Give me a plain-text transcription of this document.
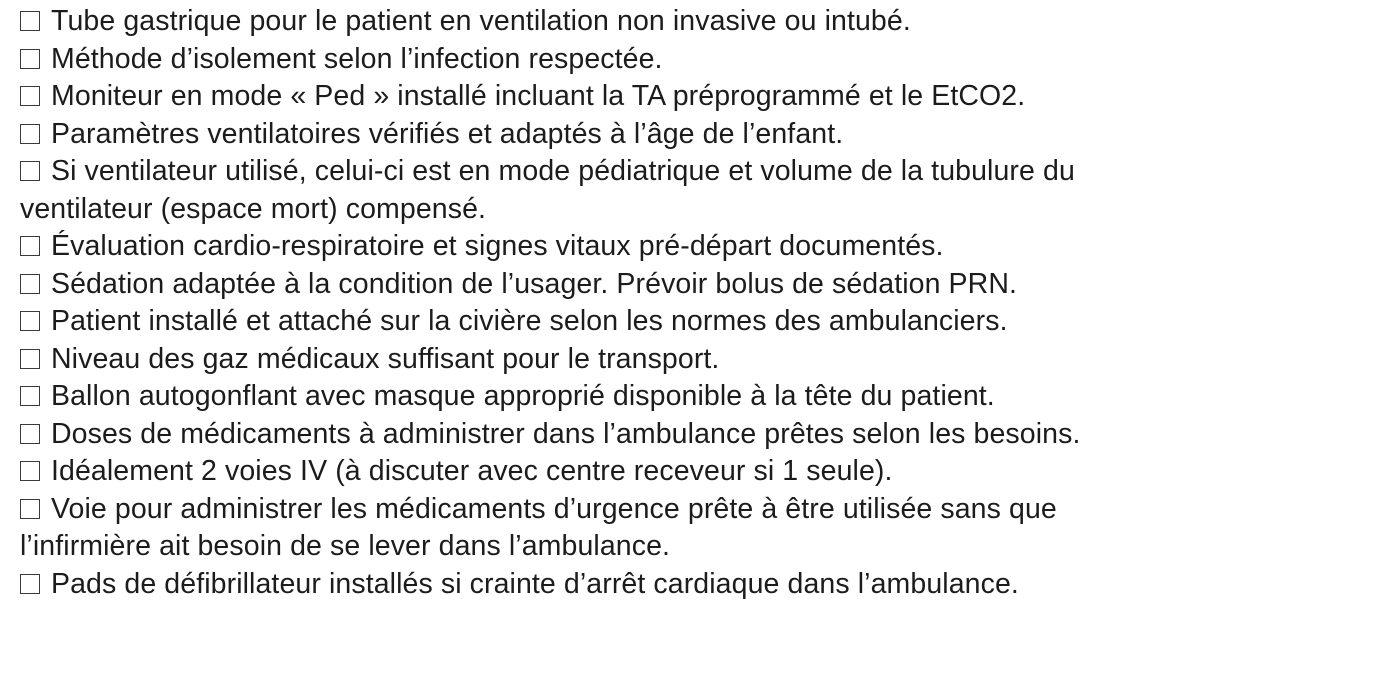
Tube gastrique pour le patient en ventilation non invasive ou intubé.
Méthode d’isolement selon l’infection respectée.
Moniteur en mode « Ped » installé incluant la TA préprogrammé et le EtCO2.
Paramètres ventilatoires vérifiés et adaptés à l’âge de l’enfant.
Si ventilateur utilisé, celui-ci est en mode pédiatrique et volume de la tubulure du
ventilateur (espace mort) compensé.
Évaluation cardio-respiratoire et signes vitaux pré-départ documentés.
Sédation adaptée à la condition de l’usager. Prévoir bolus de sédation PRN.
Patient installé et attaché sur la civière selon les normes des ambulanciers.
Niveau des gaz médicaux suffisant pour le transport.
Ballon autogonflant avec masque approprié disponible à la tête du patient.
Doses de médicaments à administrer dans l’ambulance prêtes selon les besoins.
Idéalement 2 voies IV (à discuter avec centre receveur si 1 seule).
Voie pour administrer les médicaments d’urgence prête à être utilisée sans que
l’infirmière ait besoin de se lever dans l’ambulance.
Pads de défibrillateur installés si crainte d’arrêt cardiaque dans l’ambulance.
